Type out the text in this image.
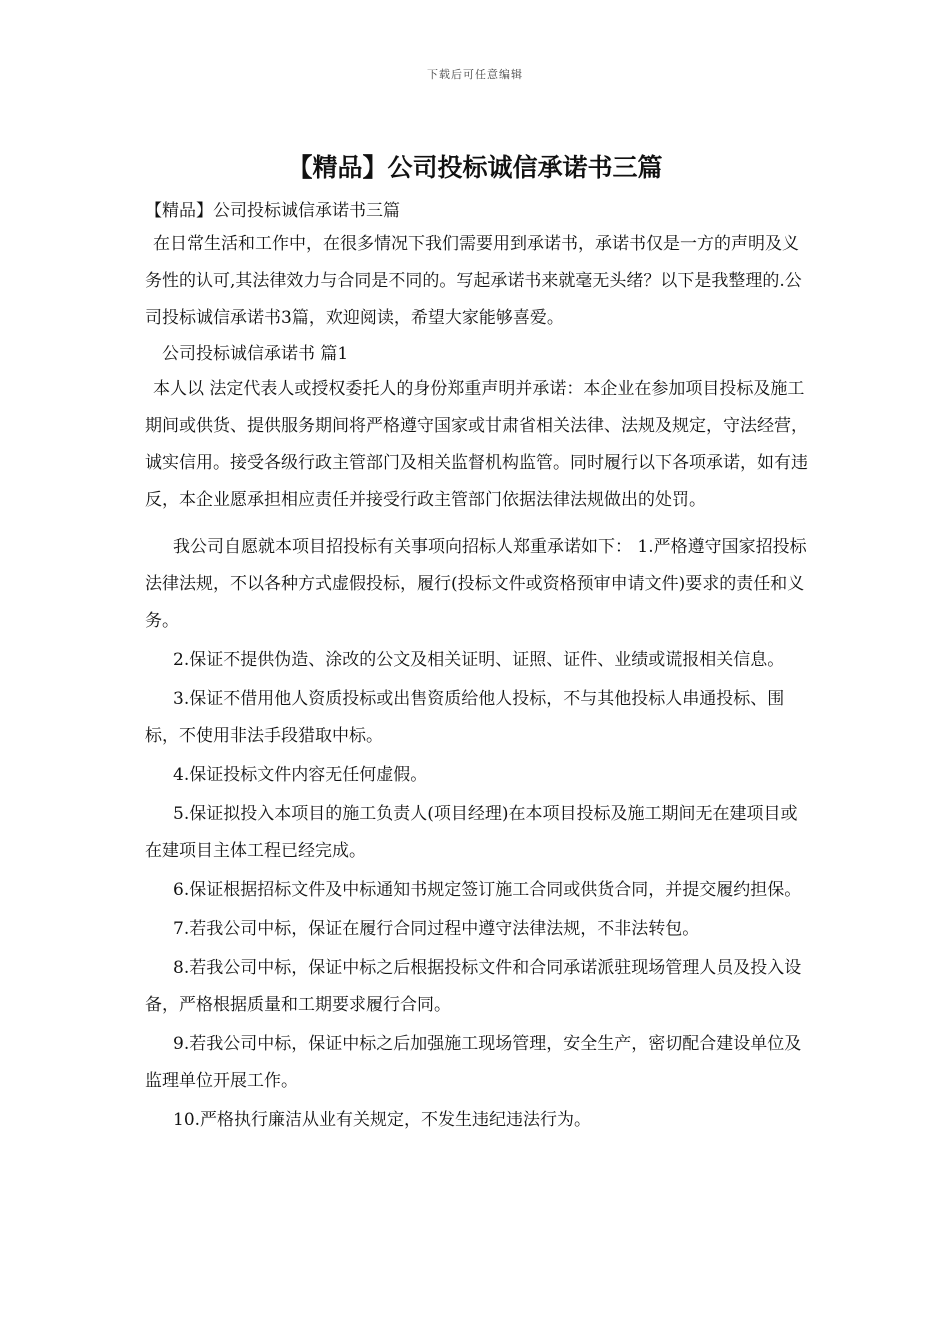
下载后可任意编辑
【精品】公司投标诚信承诺书三篇

【精品】公司投标诚信承诺书三篇

在日常生活和工作中，在很多情况下我们需要用到承诺书，承诺书仅是一方的声明及义务性的认可,其法律效力与合同是不同的。写起承诺书来就毫无头绪？以下是我整理的.公司投标诚信承诺书3篇，欢迎阅读，希望大家能够喜爱。

公司投标诚信承诺书 篇1

本人以 法定代表人或授权委托人的身份郑重声明并承诺：本企业在参加项目投标及施工期间或供货、提供服务期间将严格遵守国家或甘肃省相关法律、法规及规定，守法经营，诚实信用。接受各级行政主管部门及相关监督机构监管。同时履行以下各项承诺，如有违反，本企业愿承担相应责任并接受行政主管部门依据法律法规做出的处罚。

我公司自愿就本项目招投标有关事项向招标人郑重承诺如下： 1.严格遵守国家招投标法律法规，不以各种方式虚假投标，履行(投标文件或资格预审申请文件)要求的责任和义务。

2.保证不提供伪造、涂改的公文及相关证明、证照、证件、业绩或谎报相关信息。

3.保证不借用他人资质投标或出售资质给他人投标，不与其他投标人串通投标、围标，不使用非法手段猎取中标。

4.保证投标文件内容无任何虚假。

5.保证拟投入本项目的施工负责人(项目经理)在本项目投标及施工期间无在建项目或在建项目主体工程已经完成。

6.保证根据招标文件及中标通知书规定签订施工合同或供货合同，并提交履约担保。

7.若我公司中标，保证在履行合同过程中遵守法律法规，不非法转包。

8.若我公司中标，保证中标之后根据投标文件和合同承诺派驻现场管理人员及投入设备，严格根据质量和工期要求履行合同。

9.若我公司中标，保证中标之后加强施工现场管理，安全生产，密切配合建设单位及监理单位开展工作。

10.严格执行廉洁从业有关规定，不发生违纪违法行为。
